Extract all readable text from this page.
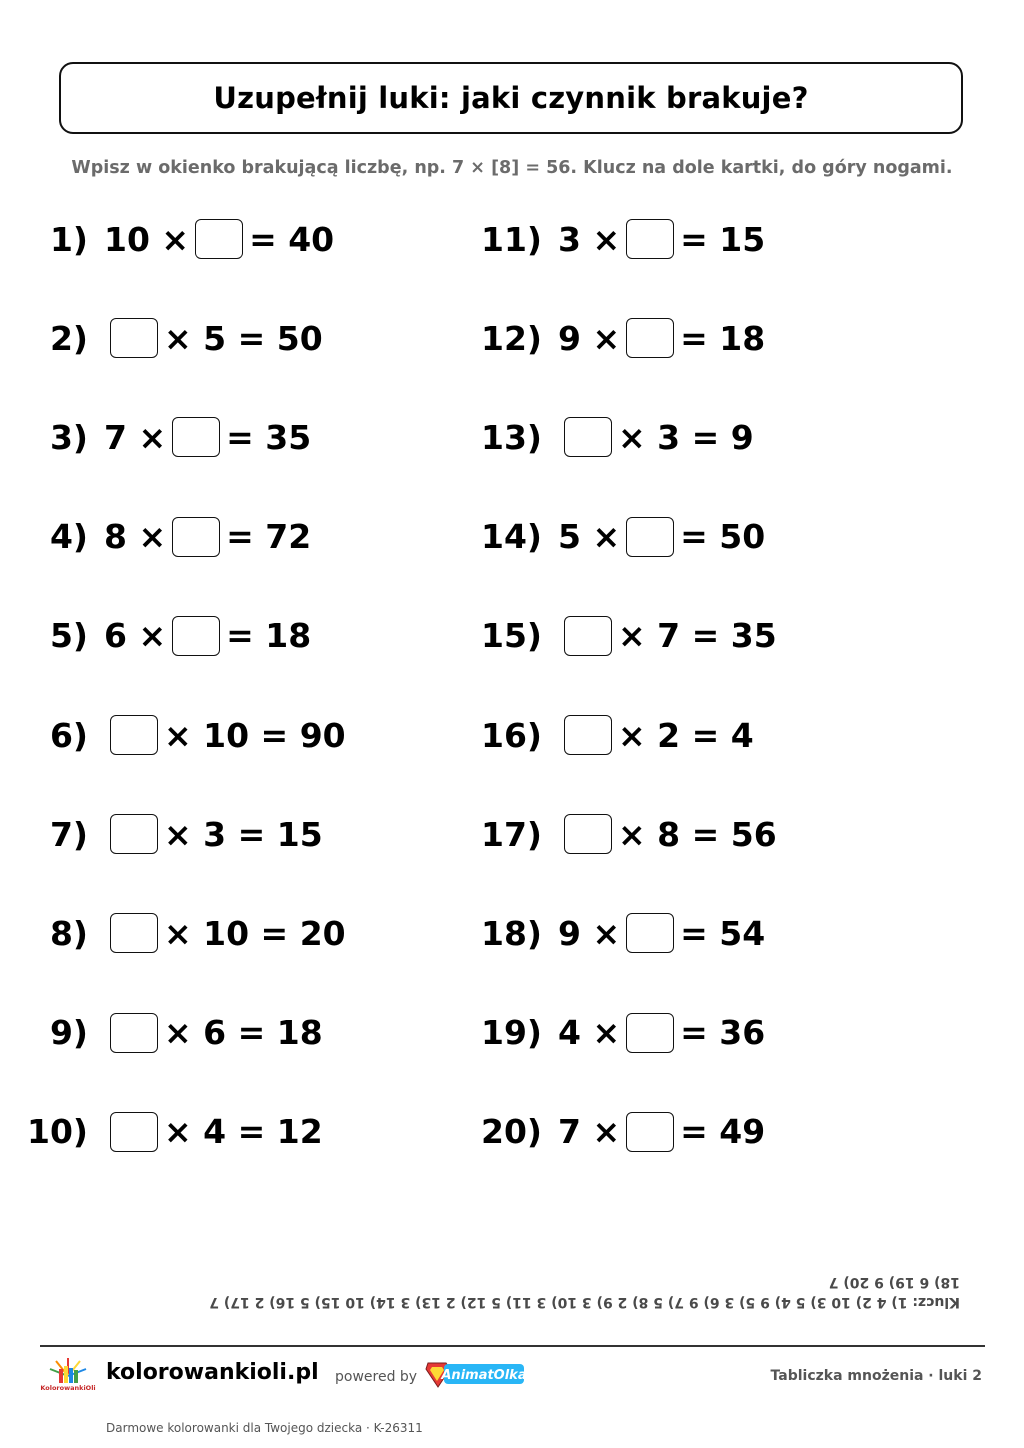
Uzupełnij luki: jaki czynnik brakuje?
Wpisz w okienko brakującą liczbę, np. 7 × [8] = 56. Klucz na dole kartki, do góry nogami.
1) 10 × = 40
2) × 5 = 50
3) 7 × = 35
4) 8 × = 72
5) 6 × = 18
6) × 10 = 90
7) × 3 = 15
8) × 10 = 20
9) × 6 = 18
10) × 4 = 12
11) 3 × = 15
12) 9 × = 18
13) × 3 = 9
14) 5 × = 50
15) × 7 = 35
16) × 2 = 4
17) × 8 = 56
18) 9 × = 54
19) 4 × = 36
20) 7 × = 49
Klucz: 1) 4 2) 10 3) 5 4) 9 5) 3 6) 9 7) 5 8) 2 9) 3 10) 3 11) 5 12) 2 13) 3 14) 10 15) 5 16) 2 17) 7
18) 6 19) 9 20) 7
KolorowankiOli
kolorowankioli.pl powered by AnimatOlka	Tabliczka mnożenia · luki 2
Darmowe kolorowanki dla Twojego dziecka · K-26311
